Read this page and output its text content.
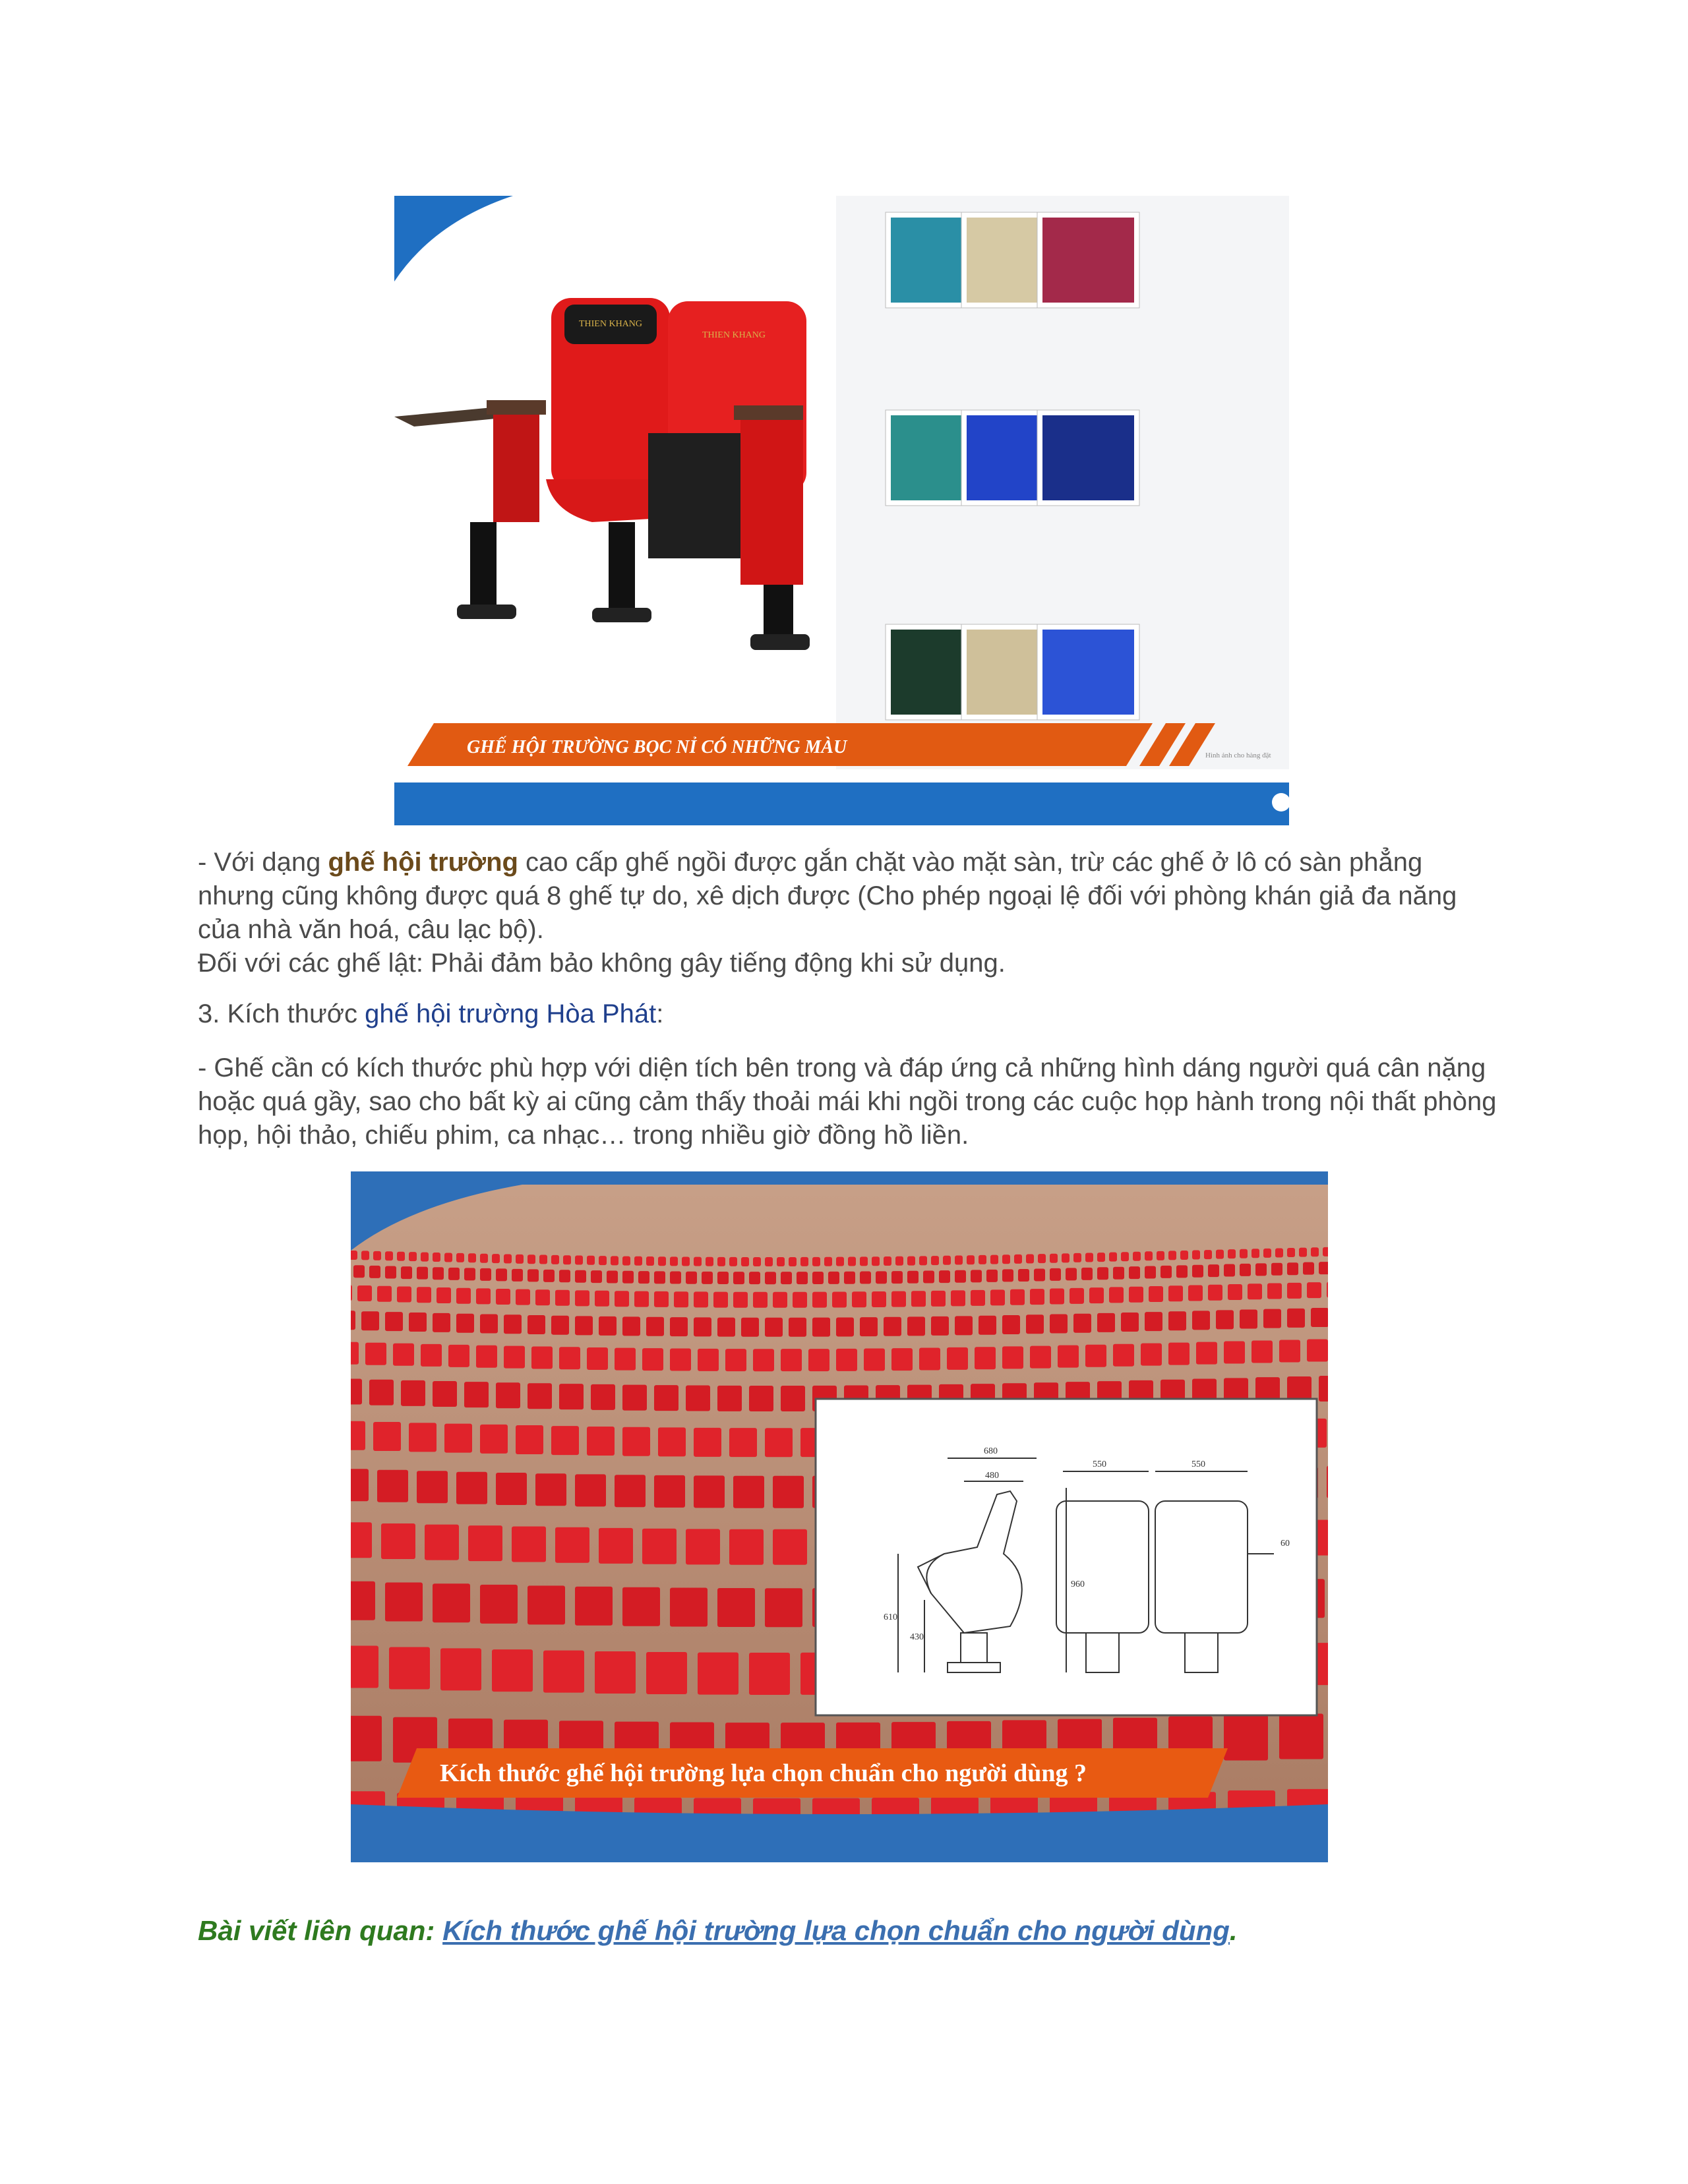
THIEN KHANG
THIEN KHANG
GHẾ HỘI TRƯỜNG BỌC NỈ CÓ NHỮNG MÀU	Hình ảnh cho hàng đặt

- Với dạng ghế hội trường cao cấp ghế ngồi được gắn chặt vào mặt sàn, trừ các ghế ở lô có sàn phẳng nhưng cũng không được quá 8 ghế tự do, xê dịch được (Cho phép ngoại lệ đối với phòng khán giả đa năng của nhà văn hoá, câu lạc bộ).

Đối với các ghế lật: Phải đảm bảo không gây tiếng động khi sử dụng.

3. Kích thước ghế hội trường Hòa Phát:

- Ghế cần có kích thước phù hợp với diện tích bên trong và đáp ứng cả những hình dáng người quá cân nặng hoặc quá gầy, sao cho bất kỳ ai cũng cảm thấy thoải mái khi ngồi trong các cuộc họp hành trong nội thất phòng họp, hội thảo, chiếu phim, ca nhạc… trong nhiều giờ đồng hồ liền.

680
480
550	550
60
960
610
430
Kích thước ghế hội trường lựa chọn chuẩn cho người dùng ?
Bài viết liên quan: Kích thước ghế hội trường lựa chọn chuẩn cho người dùng.
